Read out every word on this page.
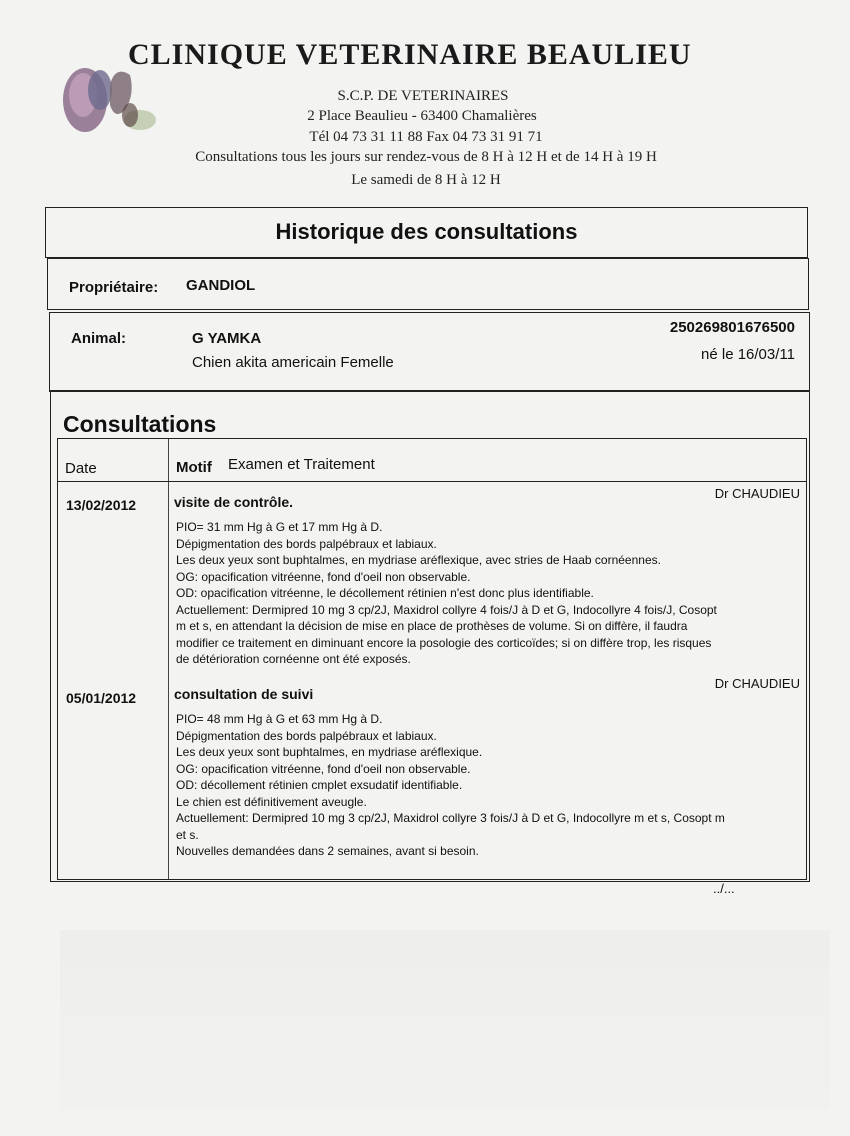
CLINIQUE VETERINAIRE BEAULIEU
S.C.P. DE VETERINAIRES
2 Place Beaulieu - 63400 Chamalières
Tél 04 73 31 11 88 Fax 04 73 31 91 71
Consultations tous les jours sur rendez-vous de 8 H à 12 H et de 14 H à 19 H
Le samedi de 8 H à 12 H
Historique des consultations
Propriétaire: GANDIOL
Animal:	G YAMKA
Chien akita americain Femelle
250269801676500
né le 16/03/11
Consultations
Date	Motif Examen et Traitement
13/02/2012	visite de contrôle.
Dr CHAUDIEU
PIO= 31 mm Hg à G et 17 mm Hg à D.
Dépigmentation des bords palpébraux et labiaux.
Les deux yeux sont buphtalmes, en mydriase aréflexique, avec stries de Haab cornéennes.
OG: opacification vitréenne, fond d'oeil non observable.
OD: opacification vitréenne, le décollement rétinien n'est donc plus identifiable.
Actuellement: Dermipred 10 mg 3 cp/2J, Maxidrol collyre 4 fois/J à D et G, Indocollyre 4 fois/J, Cosopt
m et s, en attendant la décision de mise en place de prothèses de volume. Si on diffère, il faudra
modifier ce traitement en diminuant encore la posologie des corticoïdes; si on diffère trop, les risques
de détérioration cornéenne ont été exposés.
05/01/2012	consultation de suivi
Dr CHAUDIEU
PIO= 48 mm Hg à G et 63 mm Hg à D.
Dépigmentation des bords palpébraux et labiaux.
Les deux yeux sont buphtalmes, en mydriase aréflexique.
OG: opacification vitréenne, fond d'oeil non observable.
OD: décollement rétinien cmplet exsudatif identifiable.
Le chien est définitivement aveugle.
Actuellement: Dermipred 10 mg 3 cp/2J, Maxidrol collyre 3 fois/J à D et G, Indocollyre m et s, Cosopt m
et s.
Nouvelles demandées dans 2 semaines, avant si besoin.
../...
